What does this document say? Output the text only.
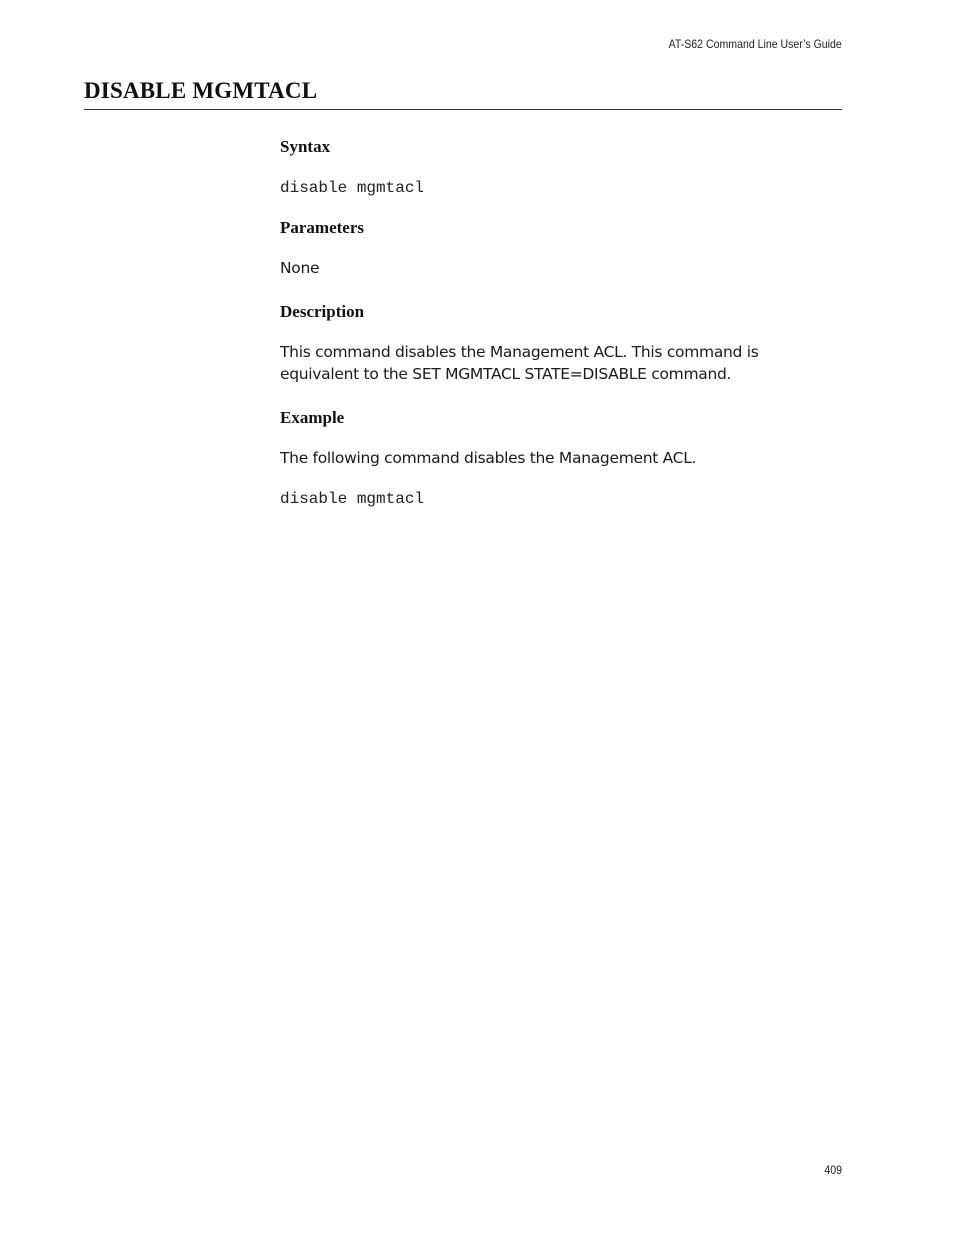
AT-S62 Command Line User’s Guide
DISABLE MGMTACL
Syntax
disable mgmtacl
Parameters

None

Description

This command disables the Management ACL. This command is equivalent to the SET MGMTACL STATE=DISABLE command.

Example

The following command disables the Management ACL.

disable mgmtacl
409
